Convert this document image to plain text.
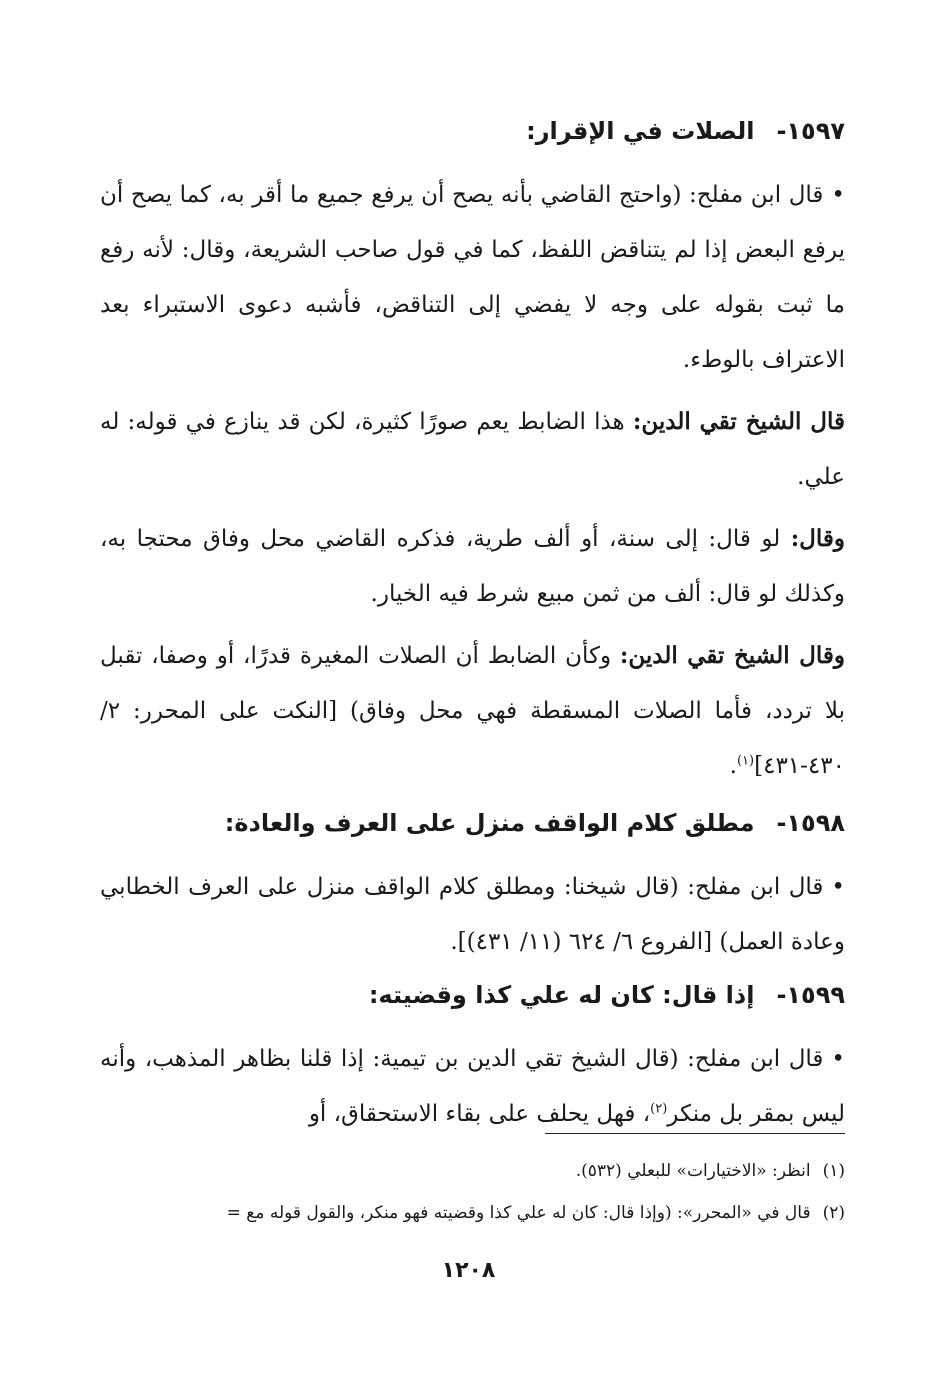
١٥٩٧-الصلات في الإقرار:

•قال ابن مفلح: (واحتج القاضي بأنه يصح أن يرفع جميع ما أقر به، كما يصح أن يرفع البعض إذا لم يتناقض اللفظ، كما في قول صاحب الشريعة، وقال: لأنه رفع ما ثبت بقوله على وجه لا يفضي إلى التناقض، فأشبه دعوى الاستبراء بعد الاعتراف بالوطء.

قال الشيخ تقي الدين: هذا الضابط يعم صورًا كثيرة، لكن قد ينازع في قوله: له علي.

وقال: لو قال: إلى سنة، أو ألف طرية، فذكره القاضي محل وفاق محتجا به، وكذلك لو قال: ألف من ثمن مبيع شرط فيه الخيار.

وقال الشيخ تقي الدين: وكأن الضابط أن الصلات المغيرة قدرًا، أو وصفا، تقبل بلا تردد، فأما الصلات المسقطة فهي محل وفاق) [النكت على المحرر: ٢/ ٤٣٠-٤٣١]$^{(١)}$.

١٥٩٨-مطلق كلام الواقف منزل على العرف والعادة:

•قال ابن مفلح: (قال شيخنا: ومطلق كلام الواقف منزل على العرف الخطابي وعادة العمل) [الفروع ٦/ ٦٢٤ (١١/ ٤٣١)].

١٥٩٩-إذا قال: كان له علي كذا وقضيته:

•قال ابن مفلح: (قال الشيخ تقي الدين بن تيمية: إذا قلنا بظاهر المذهب، وأنه ليس بمقر بل منكر$^{(٢)}$، فهل يحلف على بقاء الاستحقاق، أو

(١)انظر: «الاختيارات» للبعلي (٥٣٢).
(٢)قال في «المحرر»: (وإذا قال: كان له علي كذا وقضيته فهو منكر، والقول قوله مع =
١٢٠٨
